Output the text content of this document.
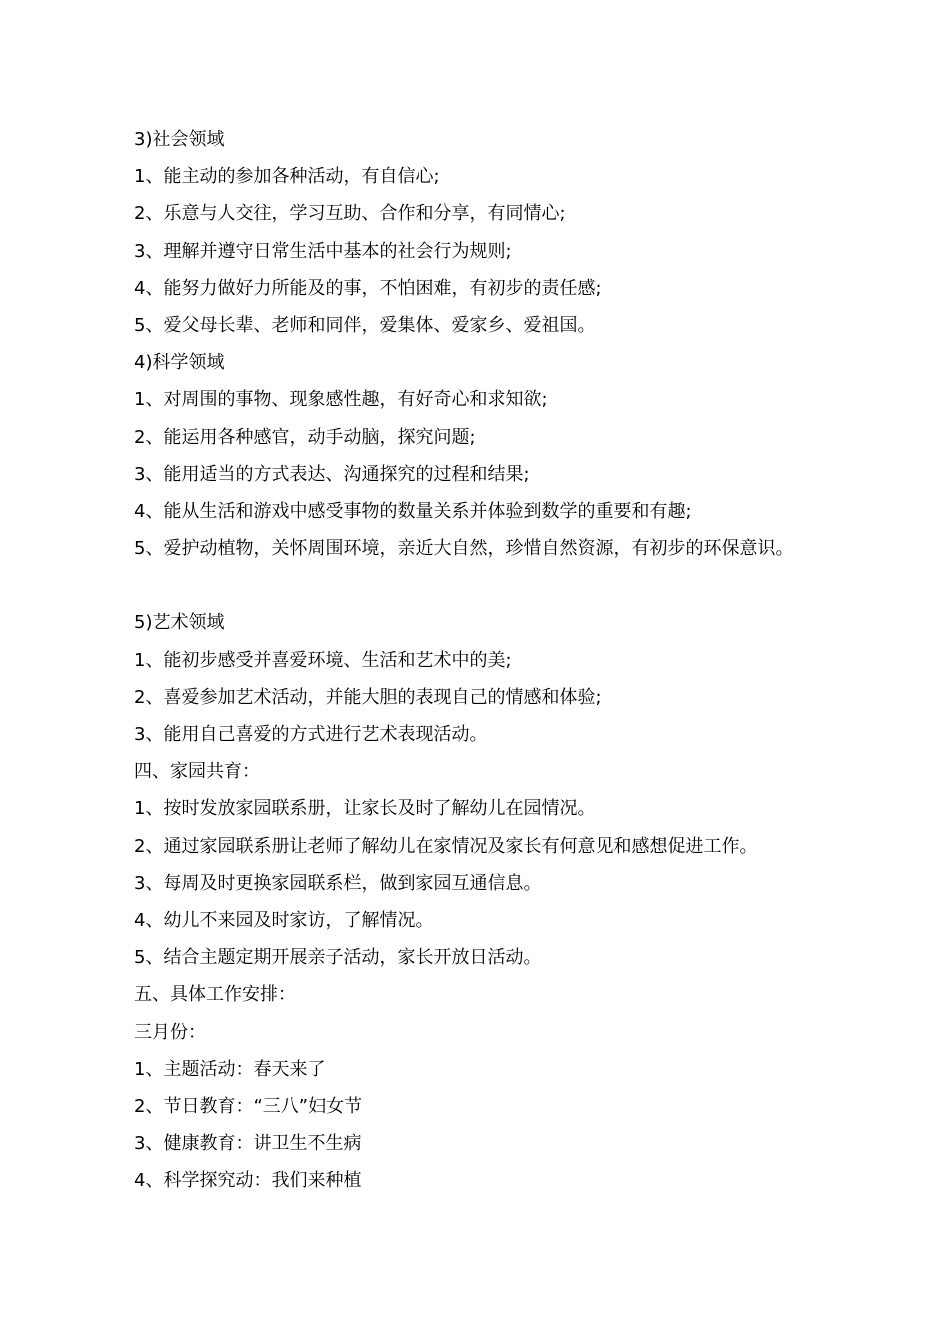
3)社会领域
1、能主动的参加各种活动，有自信心;
2、乐意与人交往，学习互助、合作和分享，有同情心;
3、理解并遵守日常生活中基本的社会行为规则;
4、能努力做好力所能及的事，不怕困难，有初步的责任感;
5、爱父母长辈、老师和同伴，爱集体、爱家乡、爱祖国。
4)科学领域
1、对周围的事物、现象感性趣，有好奇心和求知欲;
2、能运用各种感官，动手动脑，探究问题;
3、能用适当的方式表达、沟通探究的过程和结果;
4、能从生活和游戏中感受事物的数量关系并体验到数学的重要和有趣;
5、爱护动植物，关怀周围环境，亲近大自然，珍惜自然资源，有初步的环保意识。
5)艺术领域
1、能初步感受并喜爱环境、生活和艺术中的美;
2、喜爱参加艺术活动，并能大胆的表现自己的情感和体验;
3、能用自己喜爱的方式进行艺术表现活动。
四、家园共育：
1、按时发放家园联系册，让家长及时了解幼儿在园情况。
2、通过家园联系册让老师了解幼儿在家情况及家长有何意见和感想促进工作。
3、每周及时更换家园联系栏，做到家园互通信息。
4、幼儿不来园及时家访，了解情况。
5、结合主题定期开展亲子活动，家长开放日活动。
五、具体工作安排：
三月份：
1、主题活动：春天来了
2、节日教育：“三八”妇女节
3、健康教育：讲卫生不生病
4、科学探究动：我们来种植
